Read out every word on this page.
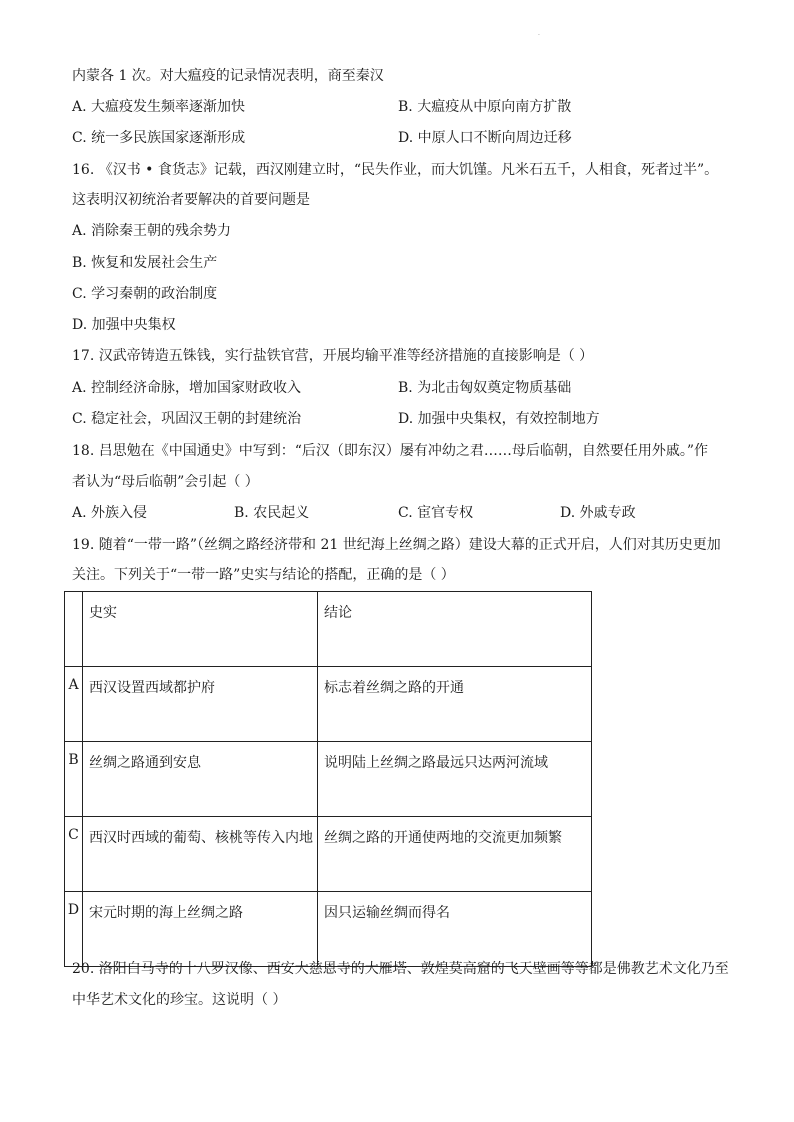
.
内蒙各 1 次。对大瘟疫的记录情况表明，商至秦汉
A. 大瘟疫发生频率逐渐加快	B. 大瘟疫从中原向南方扩散
C. 统一多民族国家逐渐形成	D. 中原人口不断向周边迁移
16. 《汉书 • 食货志》记载，西汉刚建立时，“民失作业，而大饥馑。凡米石五千，人相食，死者过半”。
这表明汉初统治者要解决的首要问题是
A. 消除秦王朝的残余势力
B. 恢复和发展社会生产
C. 学习秦朝的政治制度
D. 加强中央集权
17. 汉武帝铸造五铢钱，实行盐铁官营，开展均输平准等经济措施的直接影响是（ ）
A. 控制经济命脉，增加国家财政收入	B. 为北击匈奴奠定物质基础
C. 稳定社会，巩固汉王朝的封建统治	D. 加强中央集权，有效控制地方
18. 吕思勉在《中国通史》中写到：“后汉（即东汉）屡有冲幼之君……母后临朝，自然要任用外戚。”作
者认为“母后临朝”会引起（ ）
A. 外族入侵	B. 农民起义	C. 宦官专权	D. 外戚专政
19. 随着“一带一路”（丝绸之路经济带和 21 世纪海上丝绸之路）建设大幕的正式开启，人们对其历史更加
关注。下列关于“一带一路”史实与结论的搭配，正确的是（ ）
	史实	结论
A	西汉设置西域都护府	标志着丝绸之路的开通
B	丝绸之路通到安息	说明陆上丝绸之路最远只达两河流域
C	西汉时西域的葡萄、核桃等传入内地	丝绸之路的开通使两地的交流更加频繁
D	宋元时期的海上丝绸之路	因只运输丝绸而得名
20. 洛阳白马寺的十八罗汉像、西安大慈恩寺的大雁塔、敦煌莫高窟的飞天壁画等等都是佛教艺术文化乃至
中华艺术文化的珍宝。这说明（ ）
